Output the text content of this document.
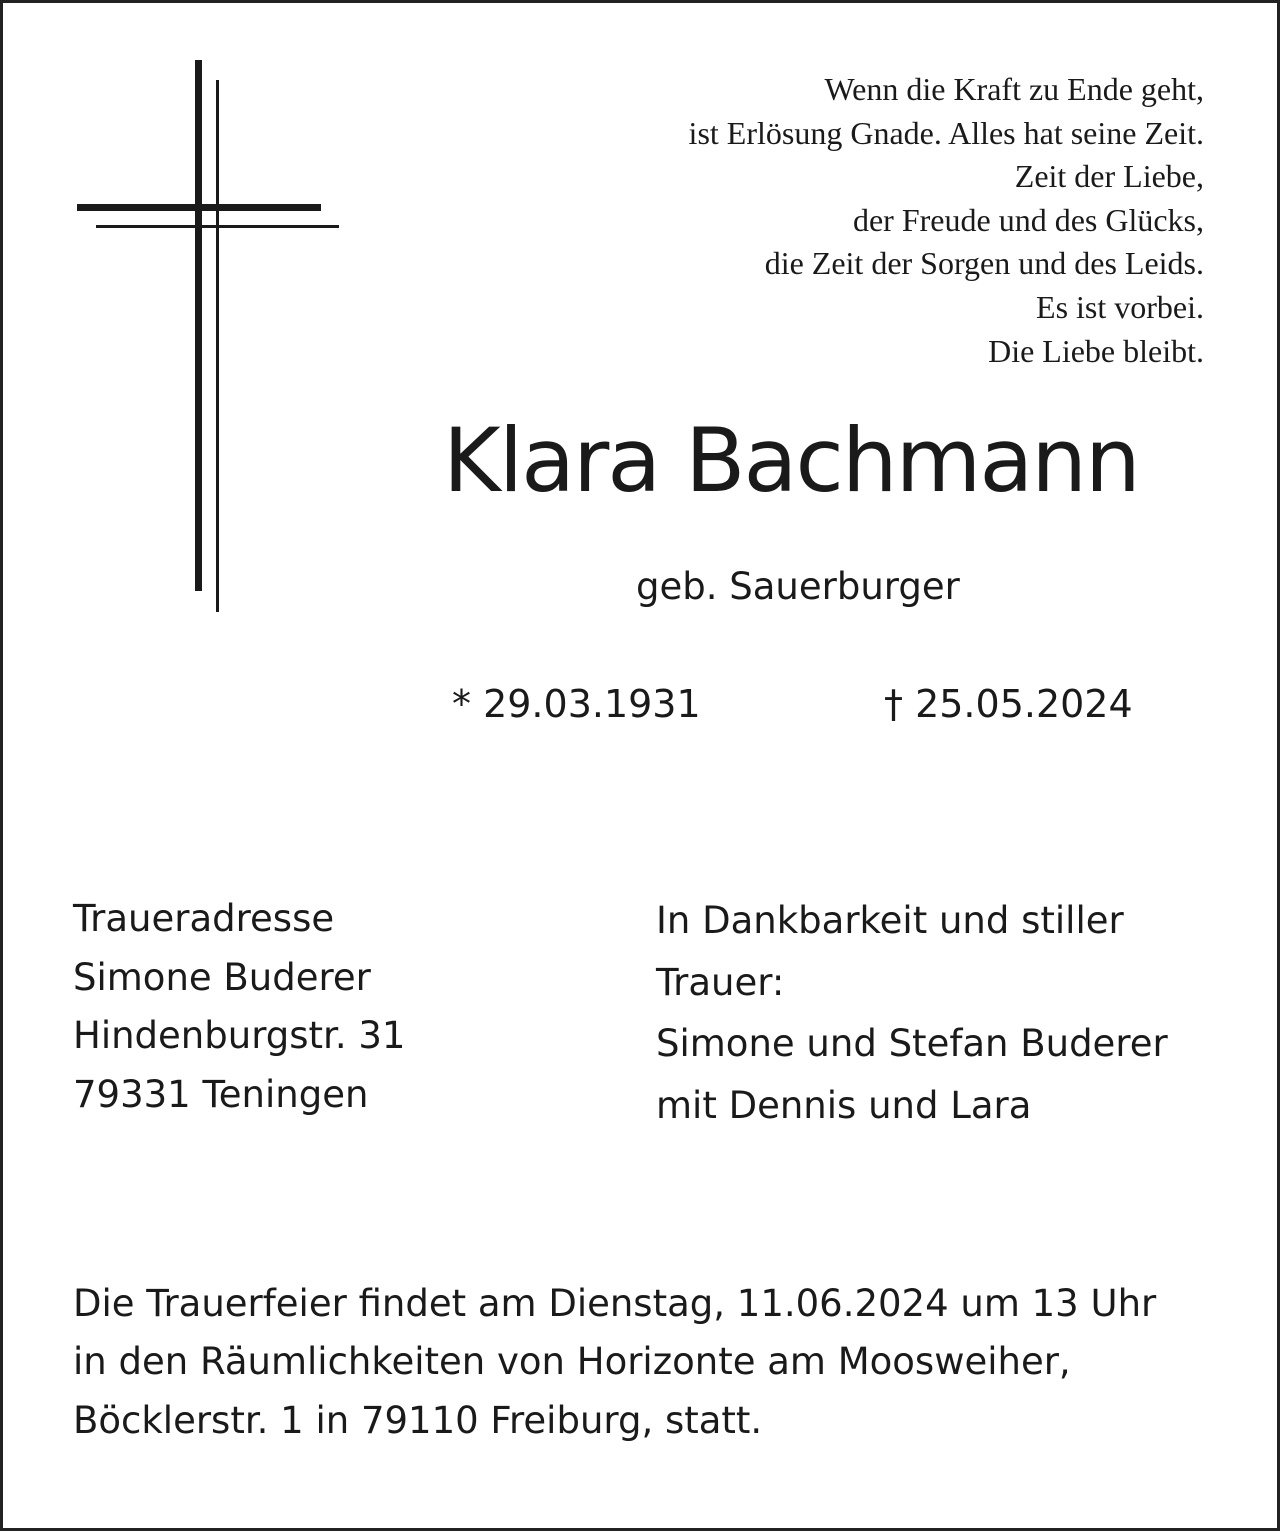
Wenn die Kraft zu Ende geht,
ist Erlösung Gnade. Alles hat seine Zeit.
Zeit der Liebe,
der Freude und des Glücks,
die Zeit der Sorgen und des Leids.
Es ist vorbei.
Die Liebe bleibt.
Klara Bachmann
geb. Sauerburger
* 29.03.1931	† 25.05.2024
Traueradresse
Simone Buderer
Hindenburgstr. 31
79331 Teningen
In Dankbarkeit und stiller
Trauer:
Simone und Stefan Buderer
mit Dennis und Lara
Die Trauerfeier findet am Dienstag, 11.06.2024 um 13 Uhr
in den Räumlichkeiten von Horizonte am Moosweiher,
Böcklerstr. 1 in 79110 Freiburg, statt.
